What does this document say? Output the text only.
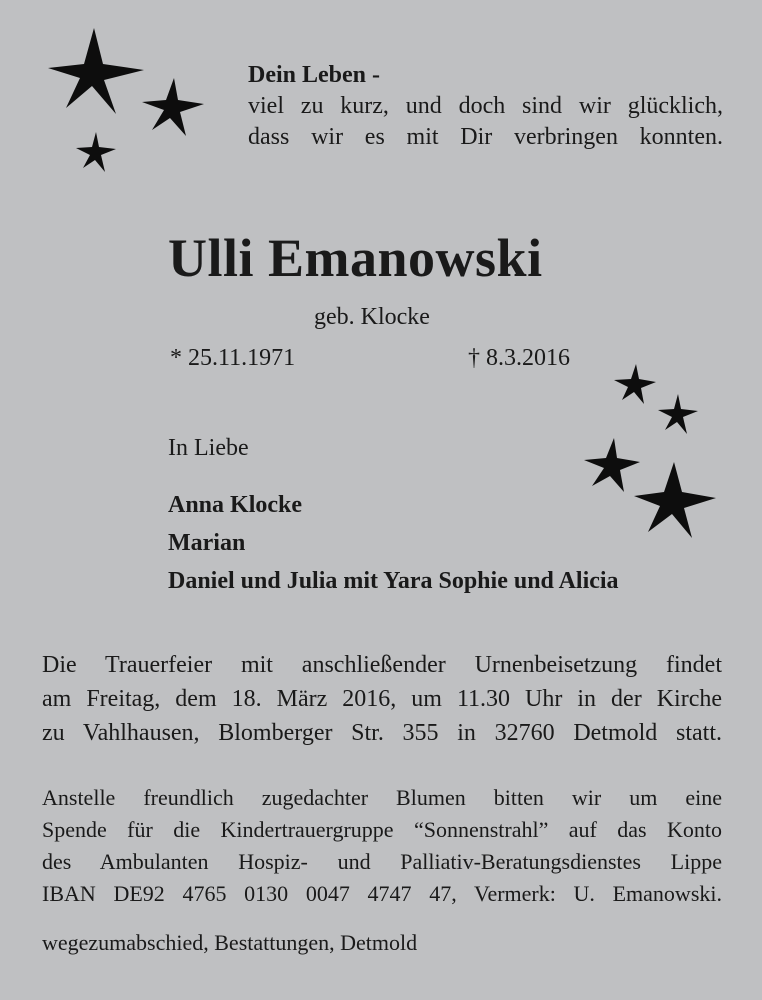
Dein Leben -
viel zu kurz, und doch sind wir glücklich,
dass wir es mit Dir verbringen konnten.
Ulli Emanowski
geb. Klocke
* 25.11.1971	† 8.3.2016
In Liebe
Anna Klocke
Marian
Daniel und Julia mit Yara Sophie und Alicia
Die Trauerfeier mit anschließender Urnenbeisetzung findet
am Freitag, dem 18. März 2016, um 11.30 Uhr in der Kirche
zu Vahlhausen, Blomberger Str. 355 in 32760 Detmold statt.
Anstelle freundlich zugedachter Blumen bitten wir um eine
Spende für die Kindertrauergruppe “Sonnenstrahl” auf das Konto
des Ambulanten Hospiz- und Palliativ-Beratungsdienstes Lippe
IBAN DE92 4765 0130 0047 4747 47, Vermerk: U. Emanowski.
wegezumabschied, Bestattungen, Detmold
